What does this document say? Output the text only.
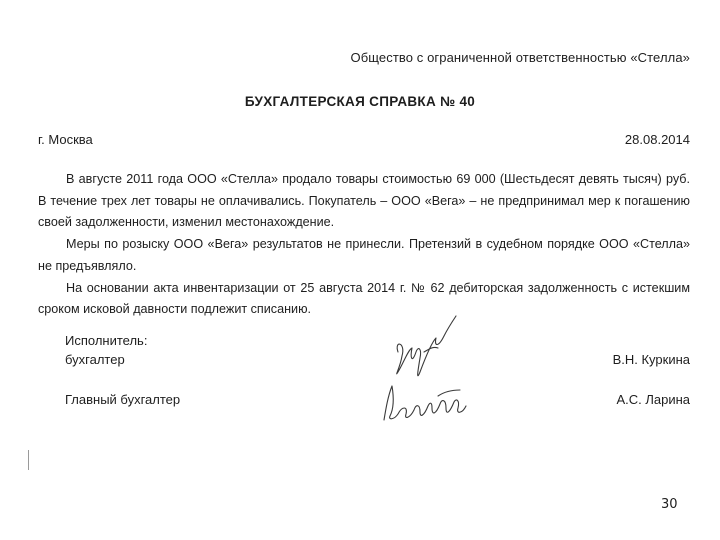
Общество с ограниченной ответственностью «Стелла»
БУХГАЛТЕРСКАЯ СПРАВКА № 40
г. Москва	28.08.2014

В августе 2011 года ООО «Стелла» продало товары стоимостью 69 000 (Шестьдесят девять тысяч) руб. В течение трех лет товары не оплачивались. Покупатель – ООО «Вега» – не предпринимал мер к погашению своей задолженности, изменил местонахождение.

Меры по розыску ООО «Вега» результатов не принесли. Претензий в судебном порядке ООО «Стелла» не предъявляло.

На основании акта инвентаризации от 25 августа 2014 г. № 62 дебиторская задолженность с истекшим сроком исковой давности подлежит списанию.

Исполнитель:
бухгалтер	В.Н. Куркина
Главный бухгалтер	А.С. Ларина
30
